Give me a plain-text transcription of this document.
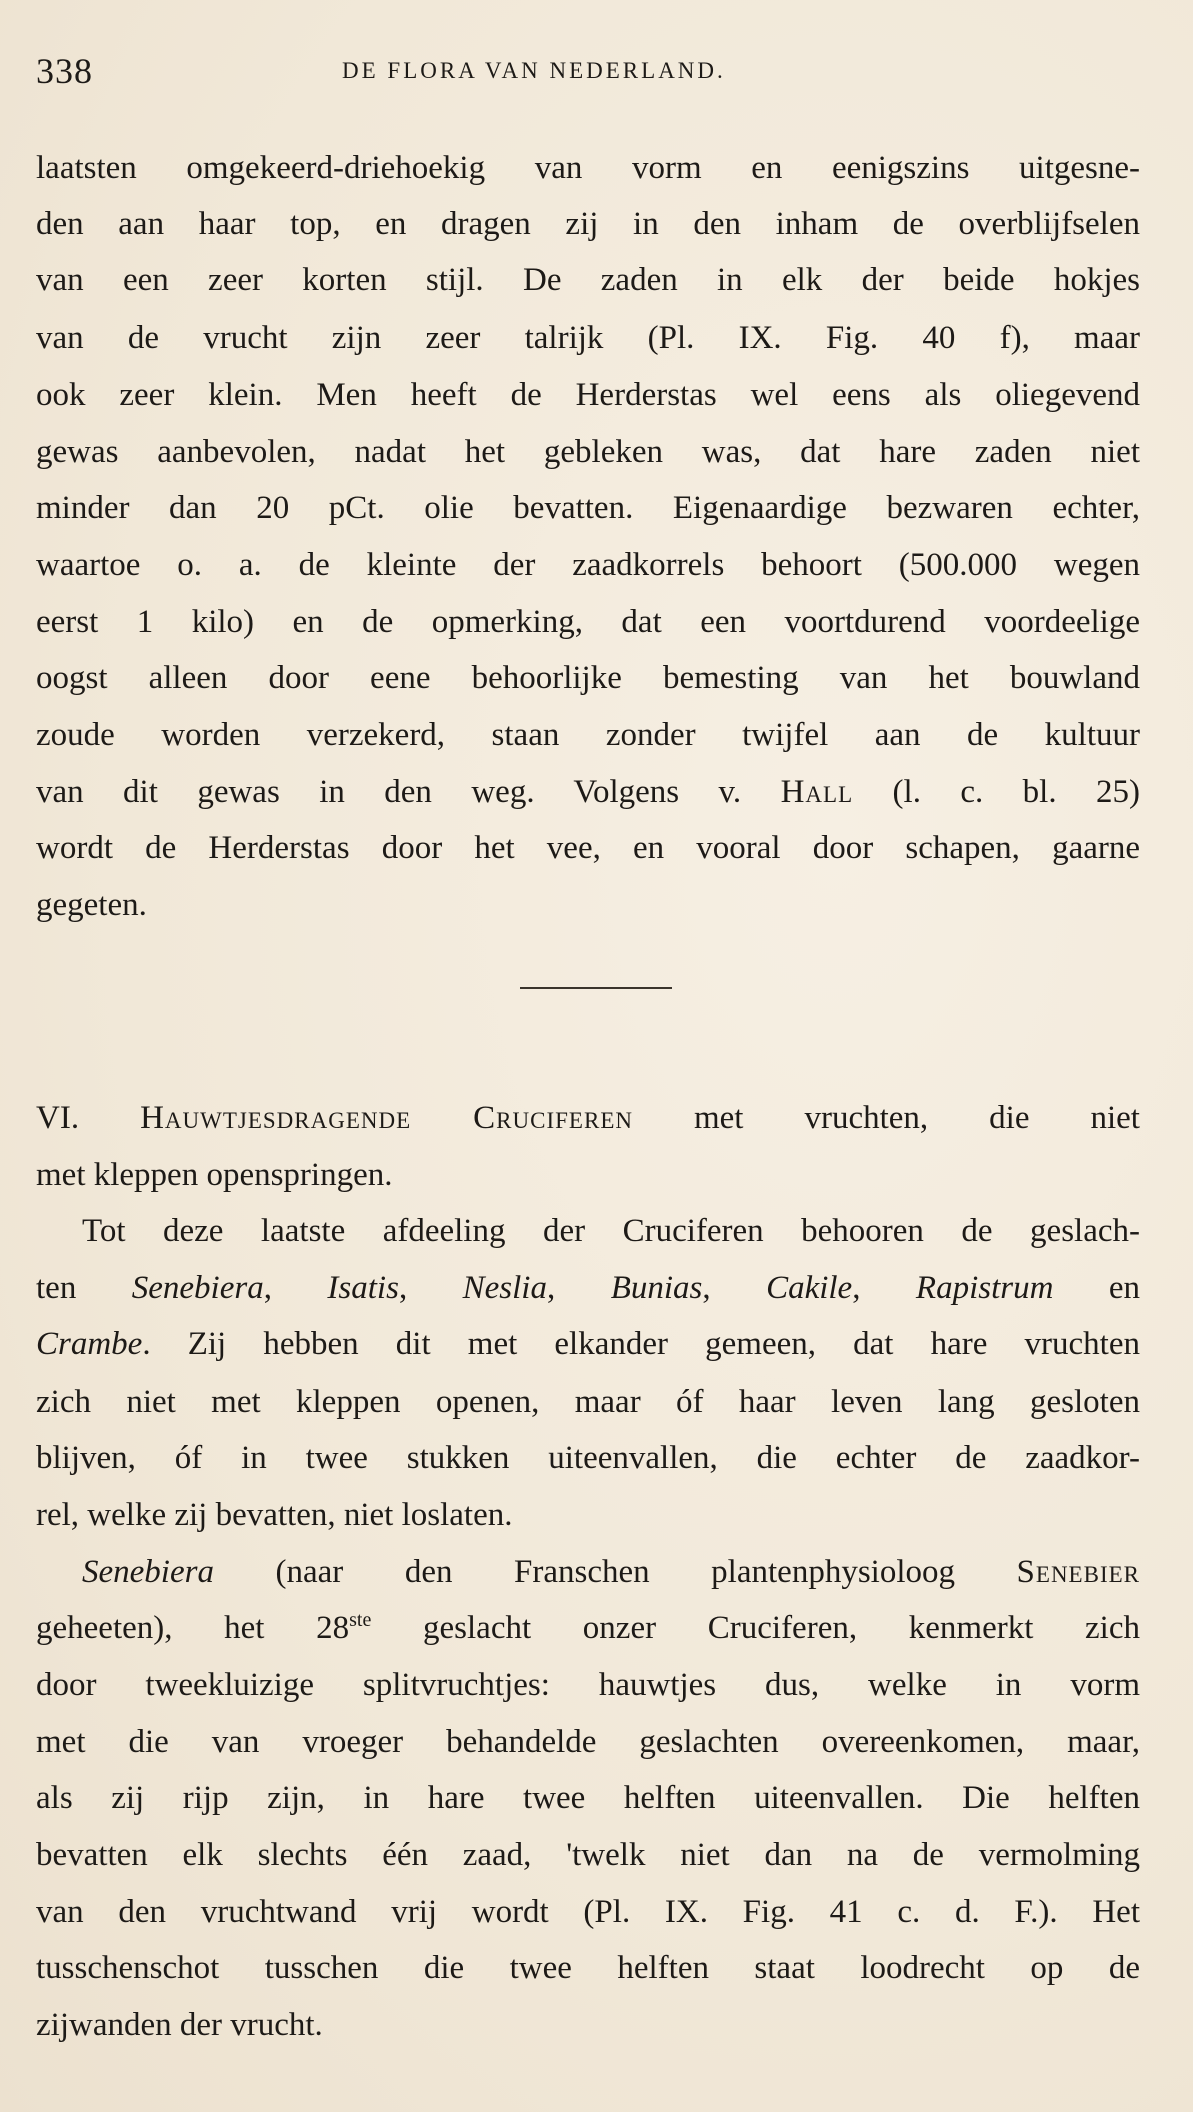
338	DE FLORA VAN NEDERLAND.
laatsten omgekeerd-driehoekig van vorm en eenigszins uitgesne-
den aan haar top, en dragen zij in den inham de overblijfselen
van een zeer korten stijl. De zaden in elk der beide hokjes
van de vrucht zijn zeer talrijk (Pl. IX. Fig. 40 f), maar
ook zeer klein. Men heeft de Herderstas wel eens als oliegevend
gewas aanbevolen, nadat het gebleken was, dat hare zaden niet
minder dan 20 pCt. olie bevatten. Eigenaardige bezwaren echter,
waartoe o. a. de kleinte der zaadkorrels behoort (500.000 wegen
eerst 1 kilo) en de opmerking, dat een voortdurend voordeelige
oogst alleen door eene behoorlijke bemesting van het bouwland
zoude worden verzekerd, staan zonder twijfel aan de kultuur
van dit gewas in den weg. Volgens v. Hall (l. c. bl. 25)
wordt de Herderstas door het vee, en vooral door schapen, gaarne
gegeten.
VI. Hauwtjesdragende Cruciferen met vruchten, die niet
met kleppen openspringen.
Tot deze laatste afdeeling der Cruciferen behooren de geslach-
ten Senebiera, Isatis, Neslia, Bunias, Cakile, Rapistrum en
Crambe. Zij hebben dit met elkander gemeen, dat hare vruchten
zich niet met kleppen openen, maar óf haar leven lang gesloten
blijven, óf in twee stukken uiteenvallen, die echter de zaadkor-
rel, welke zij bevatten, niet loslaten.
Senebiera (naar den Franschen plantenphysioloog Senebier
geheeten), het 28ste geslacht onzer Cruciferen, kenmerkt zich
door tweekluizige splitvruchtjes: hauwtjes dus, welke in vorm
met die van vroeger behandelde geslachten overeenkomen, maar,
als zij rijp zijn, in hare twee helften uiteenvallen. Die helften
bevatten elk slechts één zaad, 'twelk niet dan na de vermolming
van den vruchtwand vrij wordt (Pl. IX. Fig. 41 c. d. F.). Het
tusschenschot tusschen die twee helften staat loodrecht op de
zijwanden der vrucht.
